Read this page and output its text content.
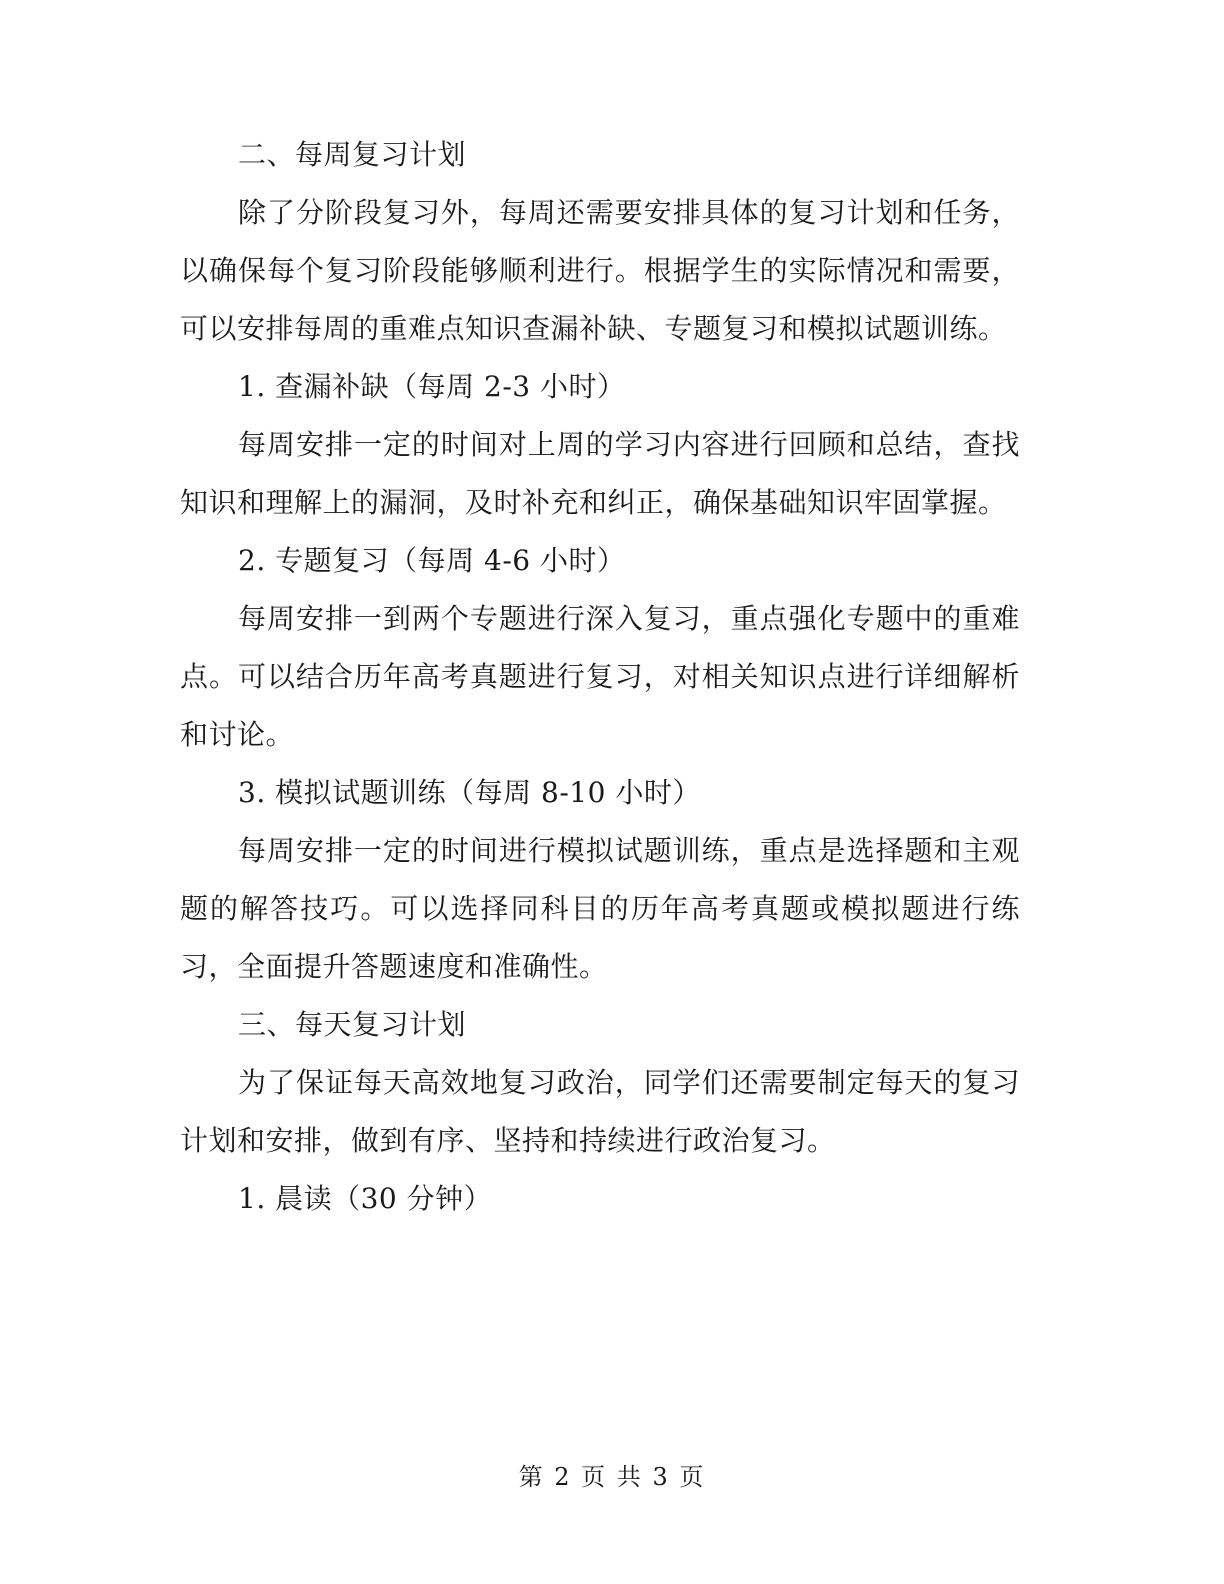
二、每周复习计划

除了分阶段复习外，每周还需要安排具体的复习计划和任务，以确保每个复习阶段能够顺利进行。根据学生的实际情况和需要，可以安排每周的重难点知识查漏补缺、专题复习和模拟试题训练。

1. 查漏补缺（每周 2-3 小时）

每周安排一定的时间对上周的学习内容进行回顾和总结，查找知识和理解上的漏洞，及时补充和纠正，确保基础知识牢固掌握。

2. 专题复习（每周 4-6 小时）

每周安排一到两个专题进行深入复习，重点强化专题中的重难点。可以结合历年高考真题进行复习，对相关知识点进行详细解析和讨论。

3. 模拟试题训练（每周 8-10 小时）

每周安排一定的时间进行模拟试题训练，重点是选择题和主观题的解答技巧。可以选择同科目的历年高考真题或模拟题进行练习，全面提升答题速度和准确性。

三、每天复习计划

为了保证每天高效地复习政治，同学们还需要制定每天的复习计划和安排，做到有序、坚持和持续进行政治复习。

1. 晨读（30 分钟）

第 2 页 共 3 页
